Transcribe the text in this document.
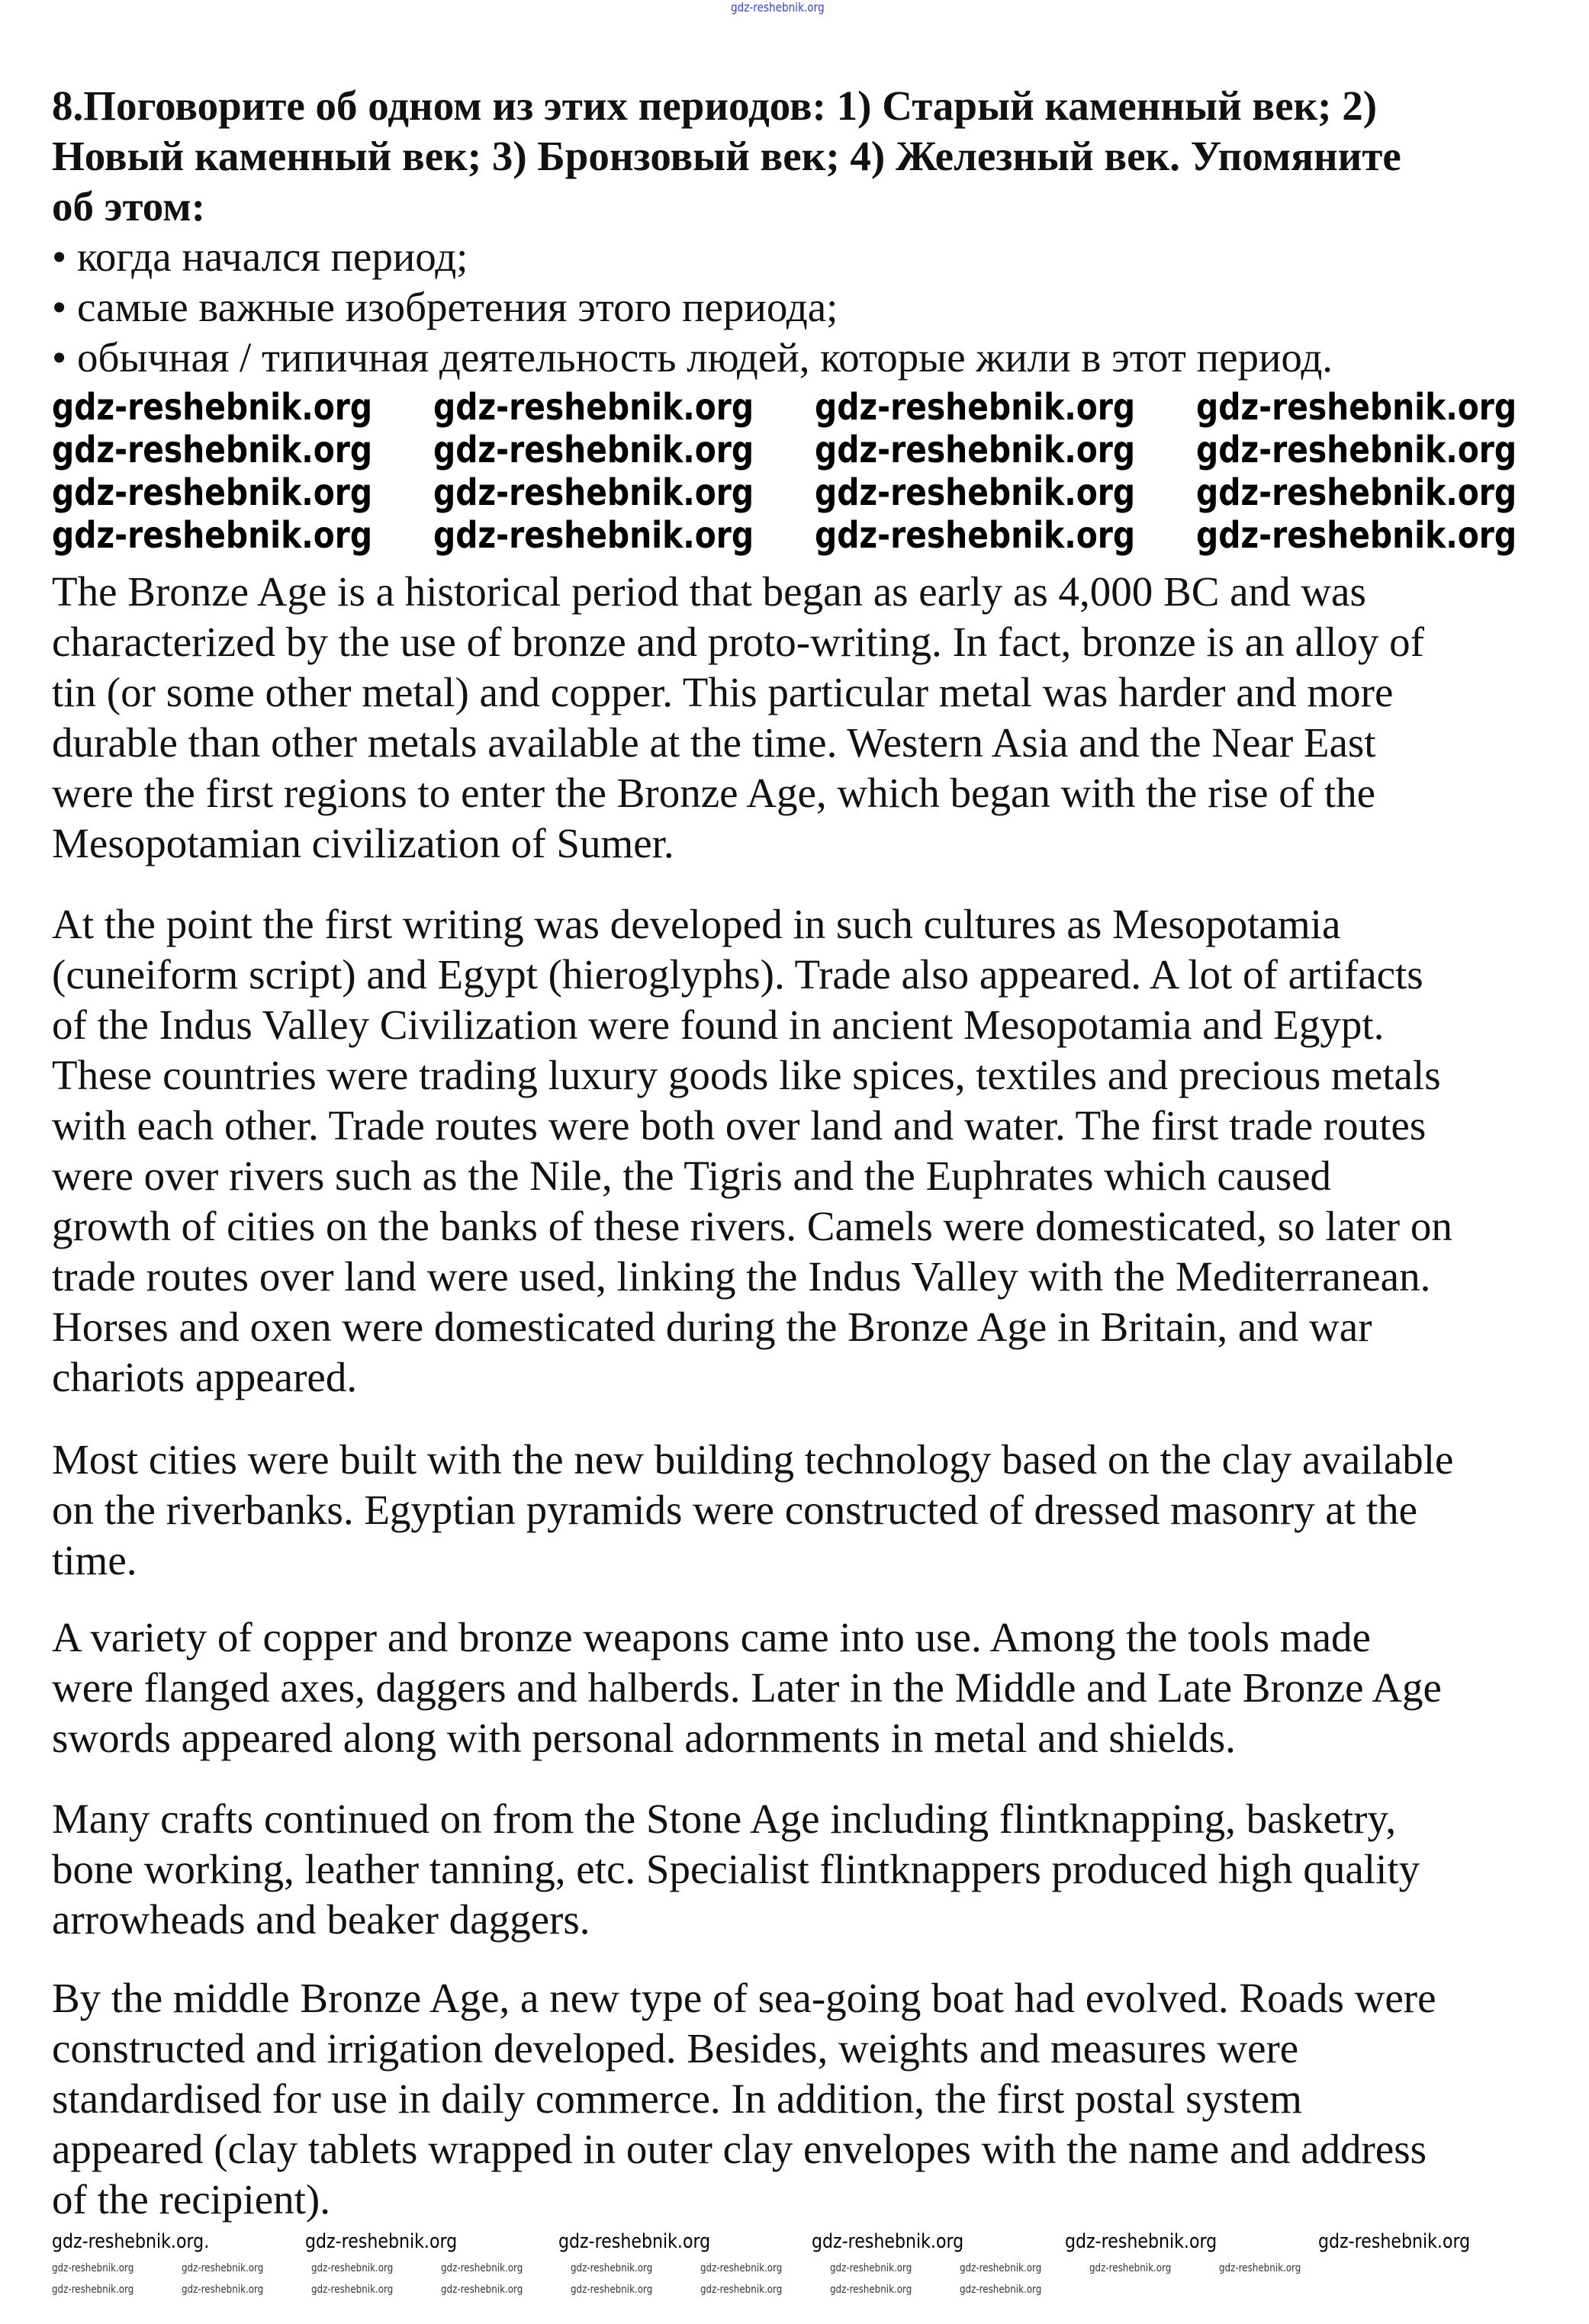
8.Поговорите об одном из этих периодов: 1) Старый каменный век; 2)
Новый каменный век; 3) Бронзовый век; 4) Железный век. Упомяните
об этом:
• когда начался период;
• самые важные изобретения этого периода;
• обычная / типичная деятельность людей, которые жили в этот период.
The Bronze Age is a historical period that began as early as 4,000 BC and was
characterized by the use of bronze and proto-writing. In fact, bronze is an alloy of
tin (or some other metal) and copper. This particular metal was harder and more
durable than other metals available at the time. Western Asia and the Near East
were the first regions to enter the Bronze Age, which began with the rise of the
Mesopotamian civilization of Sumer.
At the point the first writing was developed in such cultures as Mesopotamia
(cuneiform script) and Egypt (hieroglyphs). Trade also appeared. A lot of artifacts
of the Indus Valley Civilization were found in ancient Mesopotamia and Egypt.
These countries were trading luxury goods like spices, textiles and precious metals
with each other. Trade routes were both over land and water. The first trade routes
were over rivers such as the Nile, the Tigris and the Euphrates which caused
growth of cities on the banks of these rivers. Camels were domesticated, so later on
trade routes over land were used, linking the Indus Valley with the Mediterranean.
Horses and oxen were domesticated during the Bronze Age in Britain, and war
chariots appeared.
Most cities were built with the new building technology based on the clay available
on the riverbanks. Egyptian pyramids were constructed of dressed masonry at the
time.
A variety of copper and bronze weapons came into use. Among the tools made
were flanged axes, daggers and halberds. Later in the Middle and Late Bronze Age
swords appeared along with personal adornments in metal and shields.
Many crafts continued on from the Stone Age including flintknapping, basketry,
bone working, leather tanning, etc. Specialist flintknappers produced high quality
arrowheads and beaker daggers.
By the middle Bronze Age, a new type of sea-going boat had evolved. Roads were
constructed and irrigation developed. Besides, weights and measures were
standardised for use in daily commerce. In addition, the first postal system
appeared (clay tablets wrapped in outer clay envelopes with the name and address
of the recipient).
gdz-reshebnik.org
gdz-reshebnik.org gdz-reshebnik.org gdz-reshebnik.org gdz-reshebnik.org
gdz-reshebnik.org gdz-reshebnik.org gdz-reshebnik.org gdz-reshebnik.org
gdz-reshebnik.org gdz-reshebnik.org gdz-reshebnik.org gdz-reshebnik.org
gdz-reshebnik.org gdz-reshebnik.org gdz-reshebnik.org gdz-reshebnik.org
gdz-reshebnik.org.	gdz-reshebnik.org	gdz-reshebnik.org	gdz-reshebnik.org	gdz-reshebnik.org	gdz-reshebnik.org
gdz-reshebnik.org	gdz-reshebnik.org	gdz-reshebnik.org	gdz-reshebnik.org	gdz-reshebnik.org	gdz-reshebnik.org	gdz-reshebnik.org	gdz-reshebnik.org	gdz-reshebnik.org	gdz-reshebnik.org
gdz-reshebnik.org	gdz-reshebnik.org	gdz-reshebnik.org	gdz-reshebnik.org	gdz-reshebnik.org	gdz-reshebnik.org	gdz-reshebnik.org	gdz-reshebnik.org
